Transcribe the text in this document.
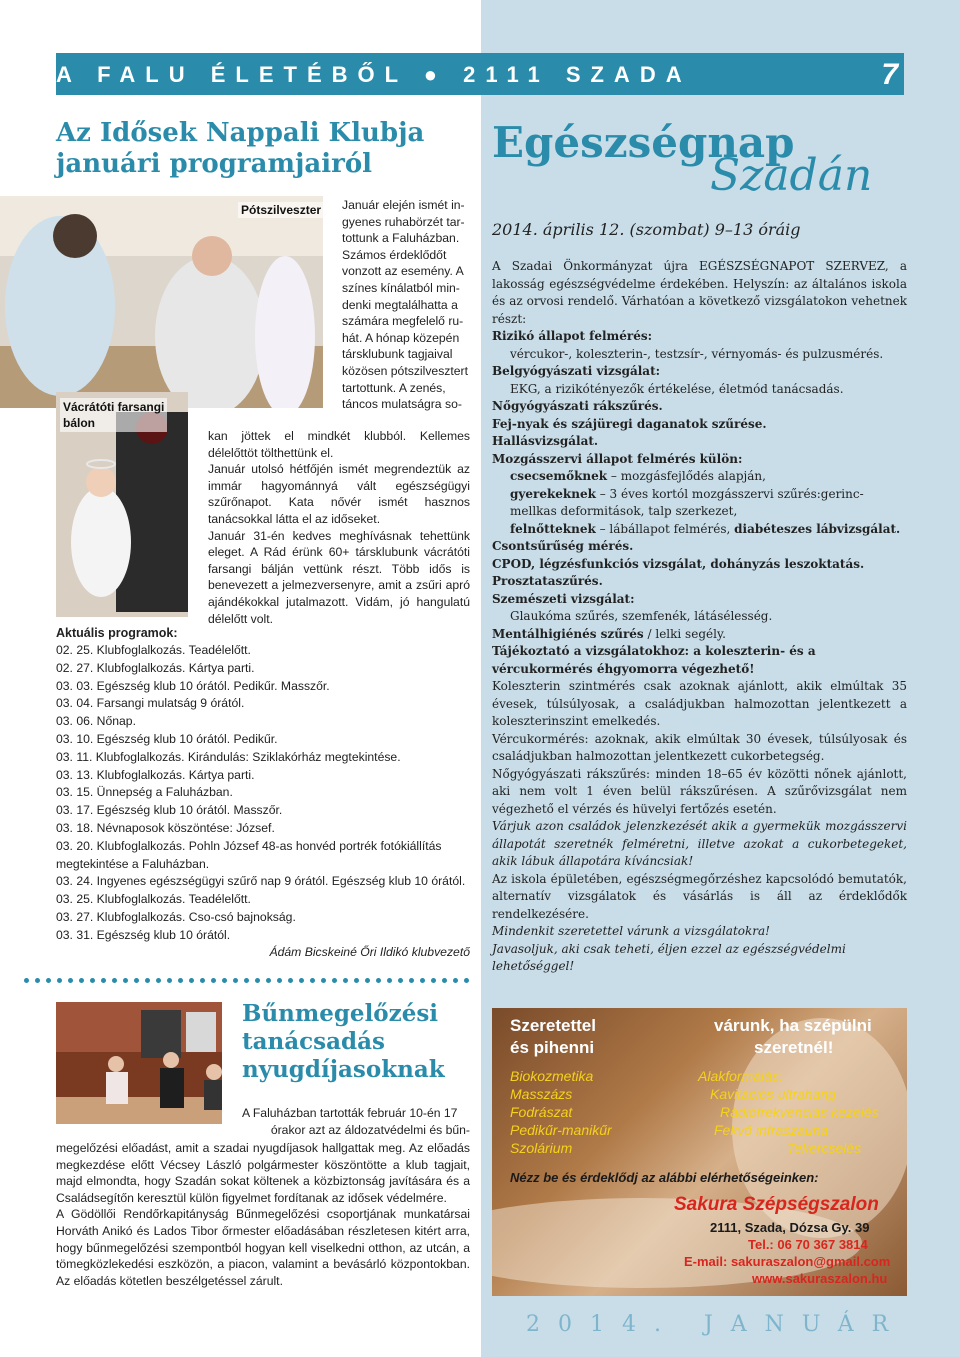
A FALU ÉLETÉBŐL ● 2111 SZADA	7
Az Idősek Nappali Klubja
januári programjairól
Pótszilveszter
Vácrátóti farsangi
bálon
Január elején ismét in-
gyenes ruhabörzét tar-
tottunk a Faluházban.
Számos érdeklődőt
vonzott az esemény. A
színes kínálatból min-
denki megtalálhatta a
számára megfelelő ru-
hát. A hónap közepén
társklubunk tagjaival
közösen pótszilvesztert
tartottunk. A zenés,
táncos mulatságra so-

kan jöttek el mindkét klubból. Kellemes délelőttöt tölthettünk el.

Január utolsó hétfőjén ismét megrendeztük az immár hagyománnyá vált egészségügyi szűrőnapot. Kata nővér ismét hasznos tanácsokkal látta el az időseket.

Január 31-én kedves meghívásnak tehettünk eleget. A Rád érünk 60+ társklubunk vácrátóti farsangi bálján vettünk részt. Több idős is benevezett a jelmezversenyre, amit a zsűri apró ajándékokkal jutalmazott. Vidám, jó hangulatú délelőtt volt.

Aktuális programok:
02. 25. Klubfoglalkozás. Teadélelőtt.
02. 27. Klubfoglalkozás. Kártya parti.
03. 03. Egészség klub 10 órától. Pedikűr. Masszőr.
03. 04. Farsangi mulatság 9 órától.
03. 06. Nőnap.
03. 10. Egészség klub 10 órától. Pedikűr.
03. 11. Klubfoglalkozás. Kirándulás: Sziklakórház megtekintése.
03. 13. Klubfoglalkozás. Kártya parti.
03. 15. Ünnepség a Faluházban.
03. 17. Egészség klub 10 órától. Masszőr.
03. 18. Névnaposok köszöntése: József.
03. 20. Klubfoglalkozás. Pohln József 48-as honvéd portrék fotókiállítás megtekintése a Faluházban.
03. 24. Ingyenes egészségügyi szűrő nap 9 órától. Egészség klub 10 órától.
03. 25. Klubfoglalkozás. Teadélelőtt.
03. 27. Klubfoglalkozás. Cso-csó bajnokság.
03. 31. Egészség klub 10 órától.
Ádám Bicskeiné Őri Ildikó klubvezető
Bűnmegelőzési
tanácsadás
nyugdíjasoknak
A Faluházban tartották február 10-én 17
órakor azt az áldozatvédelmi és bűn-

megelőzési előadást, amit a szadai nyugdíjasok hallgattak meg. Az előadás megkezdése előtt Vécsey László polgármester köszöntötte a klub tagjait, majd elmondta, hogy Szadán sokat költenek a közbiztonság javítására és a Családsegítőn keresztül külön figyelmet fordítanak az idősek védelmére.

A Gödöllői Rendőrkapitányság Bűnmegelőzési csoportjának munkatársai Horváth Anikó és Lados Tibor őrmester előadásában részletesen kitért arra, hogy bűnmegelőzési szempontból hogyan kell viselkedni otthon, az utcán, a tömegközlekedési eszközön, a piacon, valamint a bevásárló központokban. Az előadás kötetlen beszélgetéssel zárult.

Egészségnap
Szadán
2014. április 12. (szombat) 9–13 óráig

A Szadai Önkormányzat újra EGÉSZSÉGNAPOT SZERVEZ, a lakosság egészségvédelme érdekében. Helyszín: az általános iskola és az orvosi rendelő. Várhatóan a következő vizsgálatokon vehetnek részt:

Rizikó állapot felmérés:

vércukor-, koleszterin-, testzsír-, vérnyomás- és pulzusmérés.

Belgyógyászati vizsgálat:

EKG, a rizikótényezők értékelése, életmód tanácsadás.

Nőgyógyászati rákszűrés.

Fej-nyak és szájüregi daganatok szűrése.

Hallásvizsgálat.

Mozgásszervi állapot felmérés külön:

csecsemőknek – mozgásfejlődés alapján,

gyerekeknek – 3 éves kortól mozgásszervi szűrés:gerinc- mellkas deformitások, talp szerkezet,

felnőtteknek – lábállapot felmérés, diabéteszes lábvizsgálat.

Csontsűrűség mérés.

CPOD, légzésfunkciós vizsgálat, dohányzás leszoktatás.

Prosztataszűrés.

Szemészeti vizsgálat:

Glaukóma szűrés, szemfenék, látásélesség.

Mentálhigiénés szűrés / lelki segély.

Tájékoztató a vizsgálatokhoz: a koleszterin- és a vércukormérés éhgyomorra végezhető!

Koleszterin szintmérés csak azoknak ajánlott, akik elmúltak 35 évesek, túlsúlyosak, a családjukban halmozottan jelentkezett a koleszterinszint emelkedés.

Vércukormérés: azoknak, akik elmúltak 30 évesek, túlsúlyosak és családjukban halmozottan jelentkezett cukorbetegség.

Nőgyógyászati rákszűrés: minden 18–65 év közötti nőnek ajánlott, aki nem volt 1 éven belül rákszűrésen. A szűrővizsgálat nem végezhető el vérzés és hüvelyi fertőzés esetén.

Várjuk azon családok jelenzkezését akik a gyermekük mozgásszervi állapotát szeretnék felméretni, illetve azokat a cukorbetegeket, akik lábuk állapotára kíváncsiak!

Az iskola épületében, egészségmegőrzéshez kapcsolódó bemutatók, alternatív vizsgálatok és vásárlás is áll az érdeklődők rendelkezésére.

Mindenkit szeretettel várunk a vizsgálatokra!

Javasoljuk, aki csak teheti, éljen ezzel az egészségvédelmi lehetőséggel!

Szeretettel
és pihenni
várunk, ha szépülni
szeretnél!
Biokozmetika
Masszázs
Fodrászat
Pedikűr-manikűr
Szolárium
Alakformálás:
Kavitációs ultrahang
Rádiófrekvenciás kezelés
Fekvő infraszauna
Tekercselés
Nézz be és érdeklődj az alábbi elérhetőségeinken:
Sakura Szépségszalon
2111, Szada, Dózsa Gy. 39
Tel.: 06 70 367 3814
E-mail: sakuraszalon@gmail.com
www.sakuraszalon.hu
2014. JANUÁR
